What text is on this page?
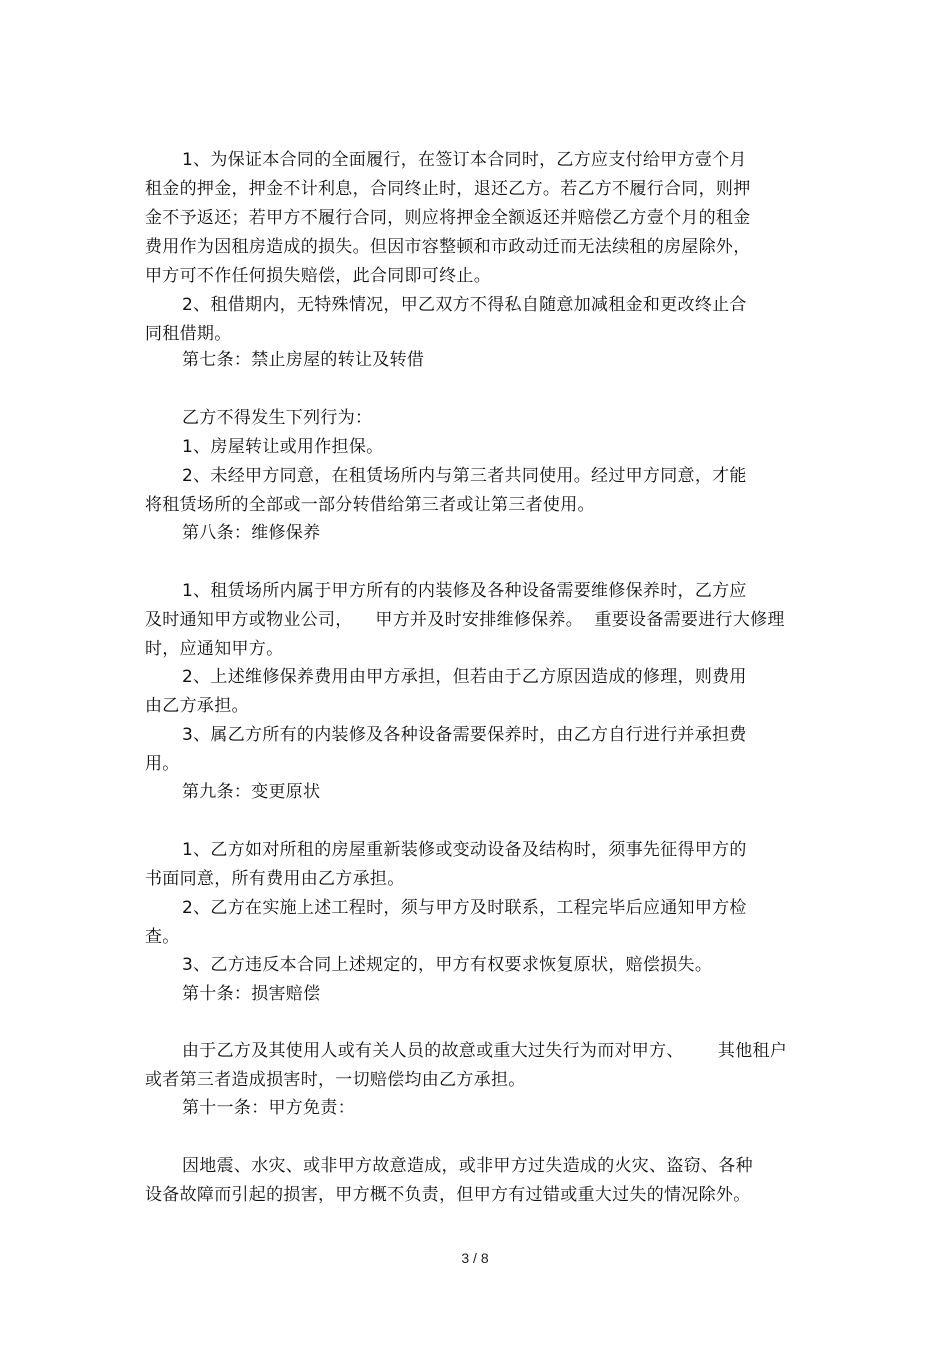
1、为保证本合同的全面履行，在签订本合同时，乙方应支付给甲方壹个月
租金的押金，押金不计利息，合同终止时，退还乙方。若乙方不履行合同，则押
金不予返还；若甲方不履行合同，则应将押金全额返还并赔偿乙方壹个月的租金
费用作为因租房造成的损失。但因市容整顿和市政动迁而无法续租的房屋除外，
甲方可不作任何损失赔偿，此合同即可终止。
2、租借期内，无特殊情况，甲乙双方不得私自随意加减租金和更改终止合
同租借期。
第七条：禁止房屋的转让及转借
乙方不得发生下列行为：
1、房屋转让或用作担保。
2、未经甲方同意，在租赁场所内与第三者共同使用。经过甲方同意，才能
将租赁场所的全部或一部分转借给第三者或让第三者使用。
第八条：维修保养
1、租赁场所内属于甲方所有的内装修及各种设备需要维修保养时，乙方应
及时通知甲方或物业公司，    甲方并及时安排维修保养。  重要设备需要进行大修理
时，应通知甲方。
2、上述维修保养费用由甲方承担，但若由于乙方原因造成的修理，则费用
由乙方承担。
3、属乙方所有的内装修及各种设备需要保养时，由乙方自行进行并承担费
用。
第九条：变更原状
1、乙方如对所租的房屋重新装修或变动设备及结构时，须事先征得甲方的
书面同意，所有费用由乙方承担。
2、乙方在实施上述工程时，须与甲方及时联系，工程完毕后应通知甲方检
查。
3、乙方违反本合同上述规定的，甲方有权要求恢复原状，赔偿损失。
第十条：损害赔偿
由于乙方及其使用人或有关人员的故意或重大过失行为而对甲方、      其他租户
或者第三者造成损害时，一切赔偿均由乙方承担。
第十一条：甲方免责：
因地震、水灾、或非甲方故意造成，或非甲方过失造成的火灾、盗窃、各种
设备故障而引起的损害，甲方概不负责，但甲方有过错或重大过失的情况除外。
3 / 8
